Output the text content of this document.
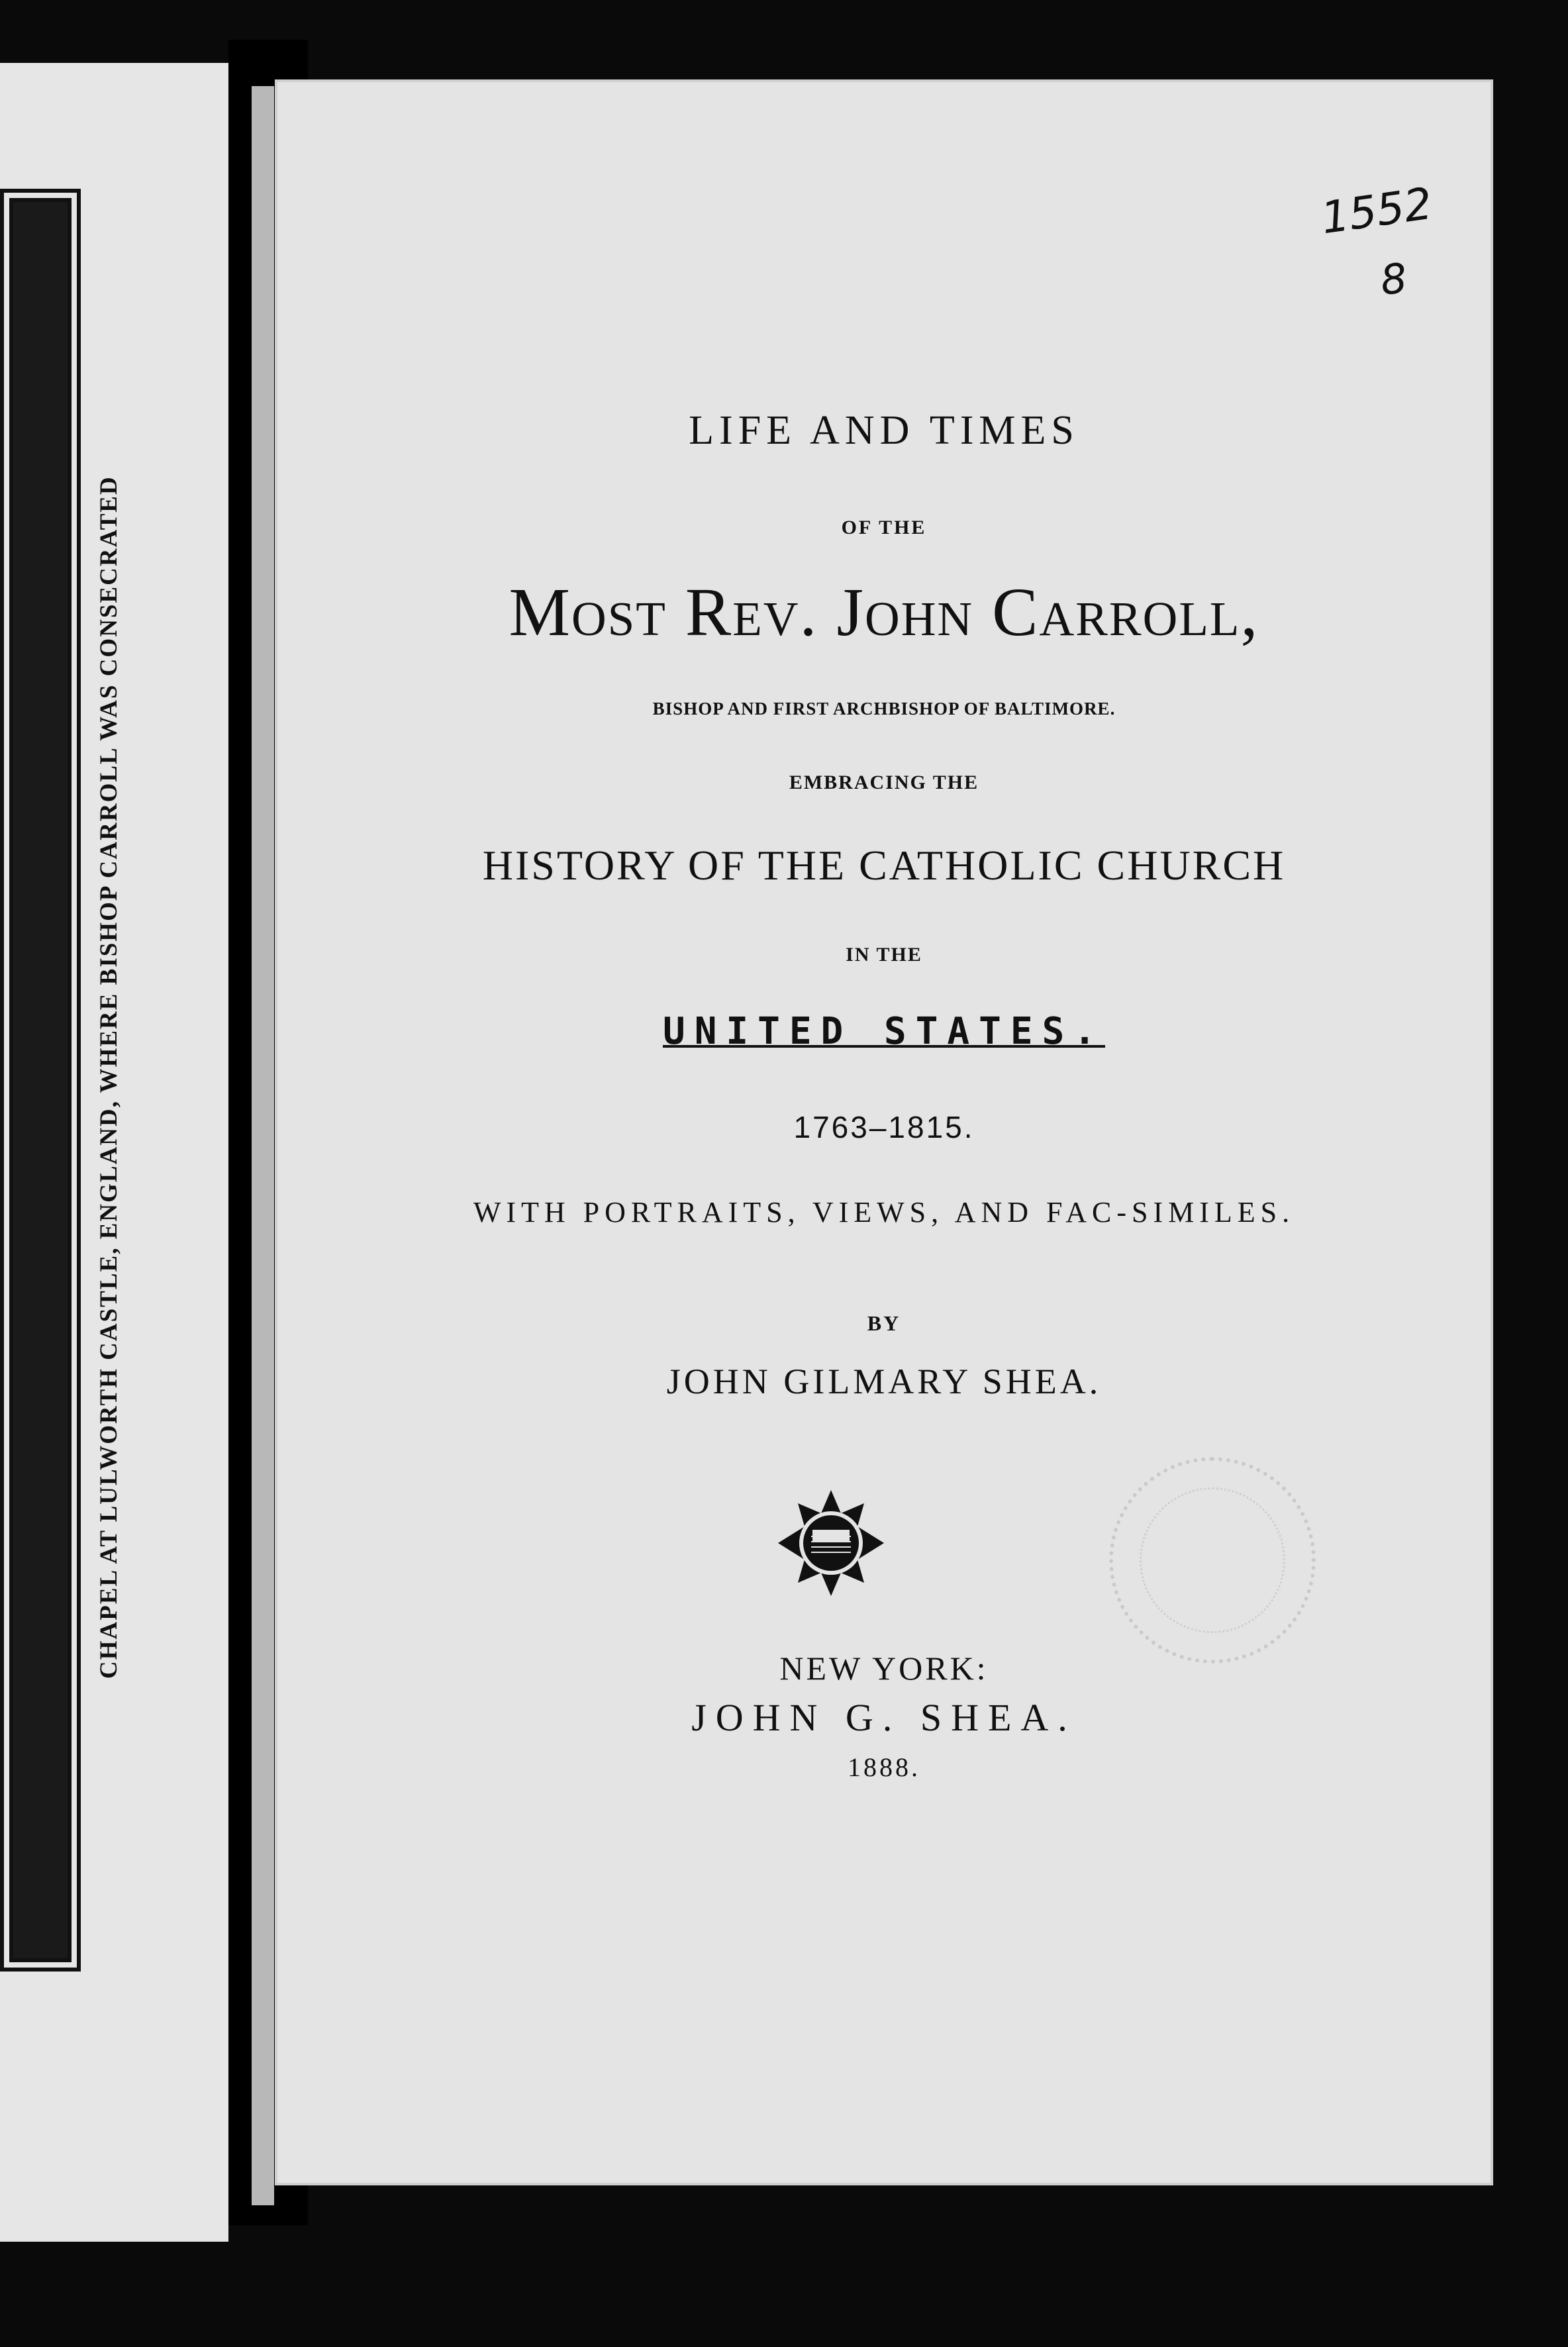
CHAPEL AT LULWORTH CASTLE, ENGLAND, WHERE BISHOP CARROLL WAS CONSECRATED
1552
8
LIFE AND TIMES
OF THE
Most Rev. John Carroll,
BISHOP AND FIRST ARCHBISHOP OF BALTIMORE.
EMBRACING THE
HISTORY OF THE CATHOLIC CHURCH
IN THE
UNITED STATES.
1763–1815.
WITH PORTRAITS, VIEWS, AND FAC-SIMILES.
BY
JOHN GILMARY SHEA.
NEW YORK:
JOHN G. SHEA.
1888.
